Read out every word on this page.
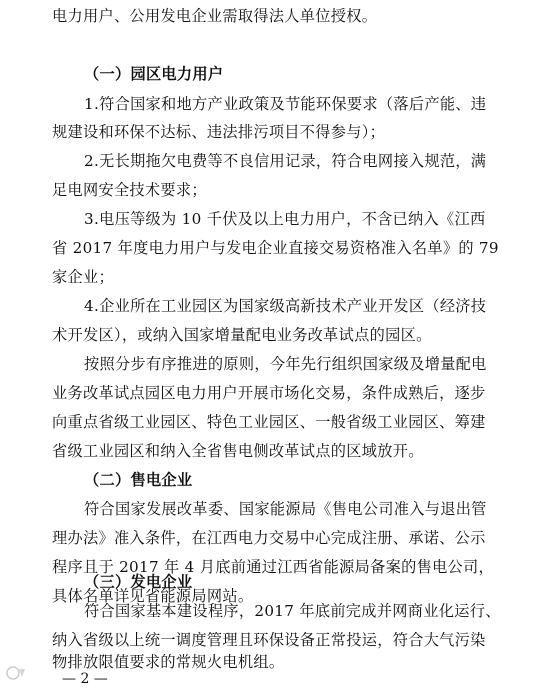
电力用户、公用发电企业需取得法人单位授权。
（一）园区电力用户
1.符合国家和地方产业政策及节能环保要求（落后产能、违
规建设和环保不达标、违法排污项目不得参与）；
2.无长期拖欠电费等不良信用记录，符合电网接入规范，满
足电网安全技术要求；
3.电压等级为 10 千伏及以上电力用户，不含已纳入《江西
省 2017 年度电力用户与发电企业直接交易资格准入名单》的 79
家企业；
4.企业所在工业园区为国家级高新技术产业开发区（经济技
术开发区），或纳入国家增量配电业务改革试点的园区。
按照分步有序推进的原则，今年先行组织国家级及增量配电
业务改革试点园区电力用户开展市场化交易，条件成熟后，逐步
向重点省级工业园区、特色工业园区、一般省级工业园区、筹建
省级工业园区和纳入全省售电侧改革试点的区域放开。
（二）售电企业
符合国家发展改革委、国家能源局《售电公司准入与退出管
理办法》准入条件，在江西电力交易中心完成注册、承诺、公示
程序且于 2017 年 4 月底前通过江西省能源局备案的售电公司，
具体名单详见省能源局网站。
（三）发电企业
符合国家基本建设程序，2017 年底前完成并网商业化运行、
纳入省级以上统一调度管理且环保设备正常投运，符合大气污染
物排放限值要求的常规火电机组。
— 2 —
